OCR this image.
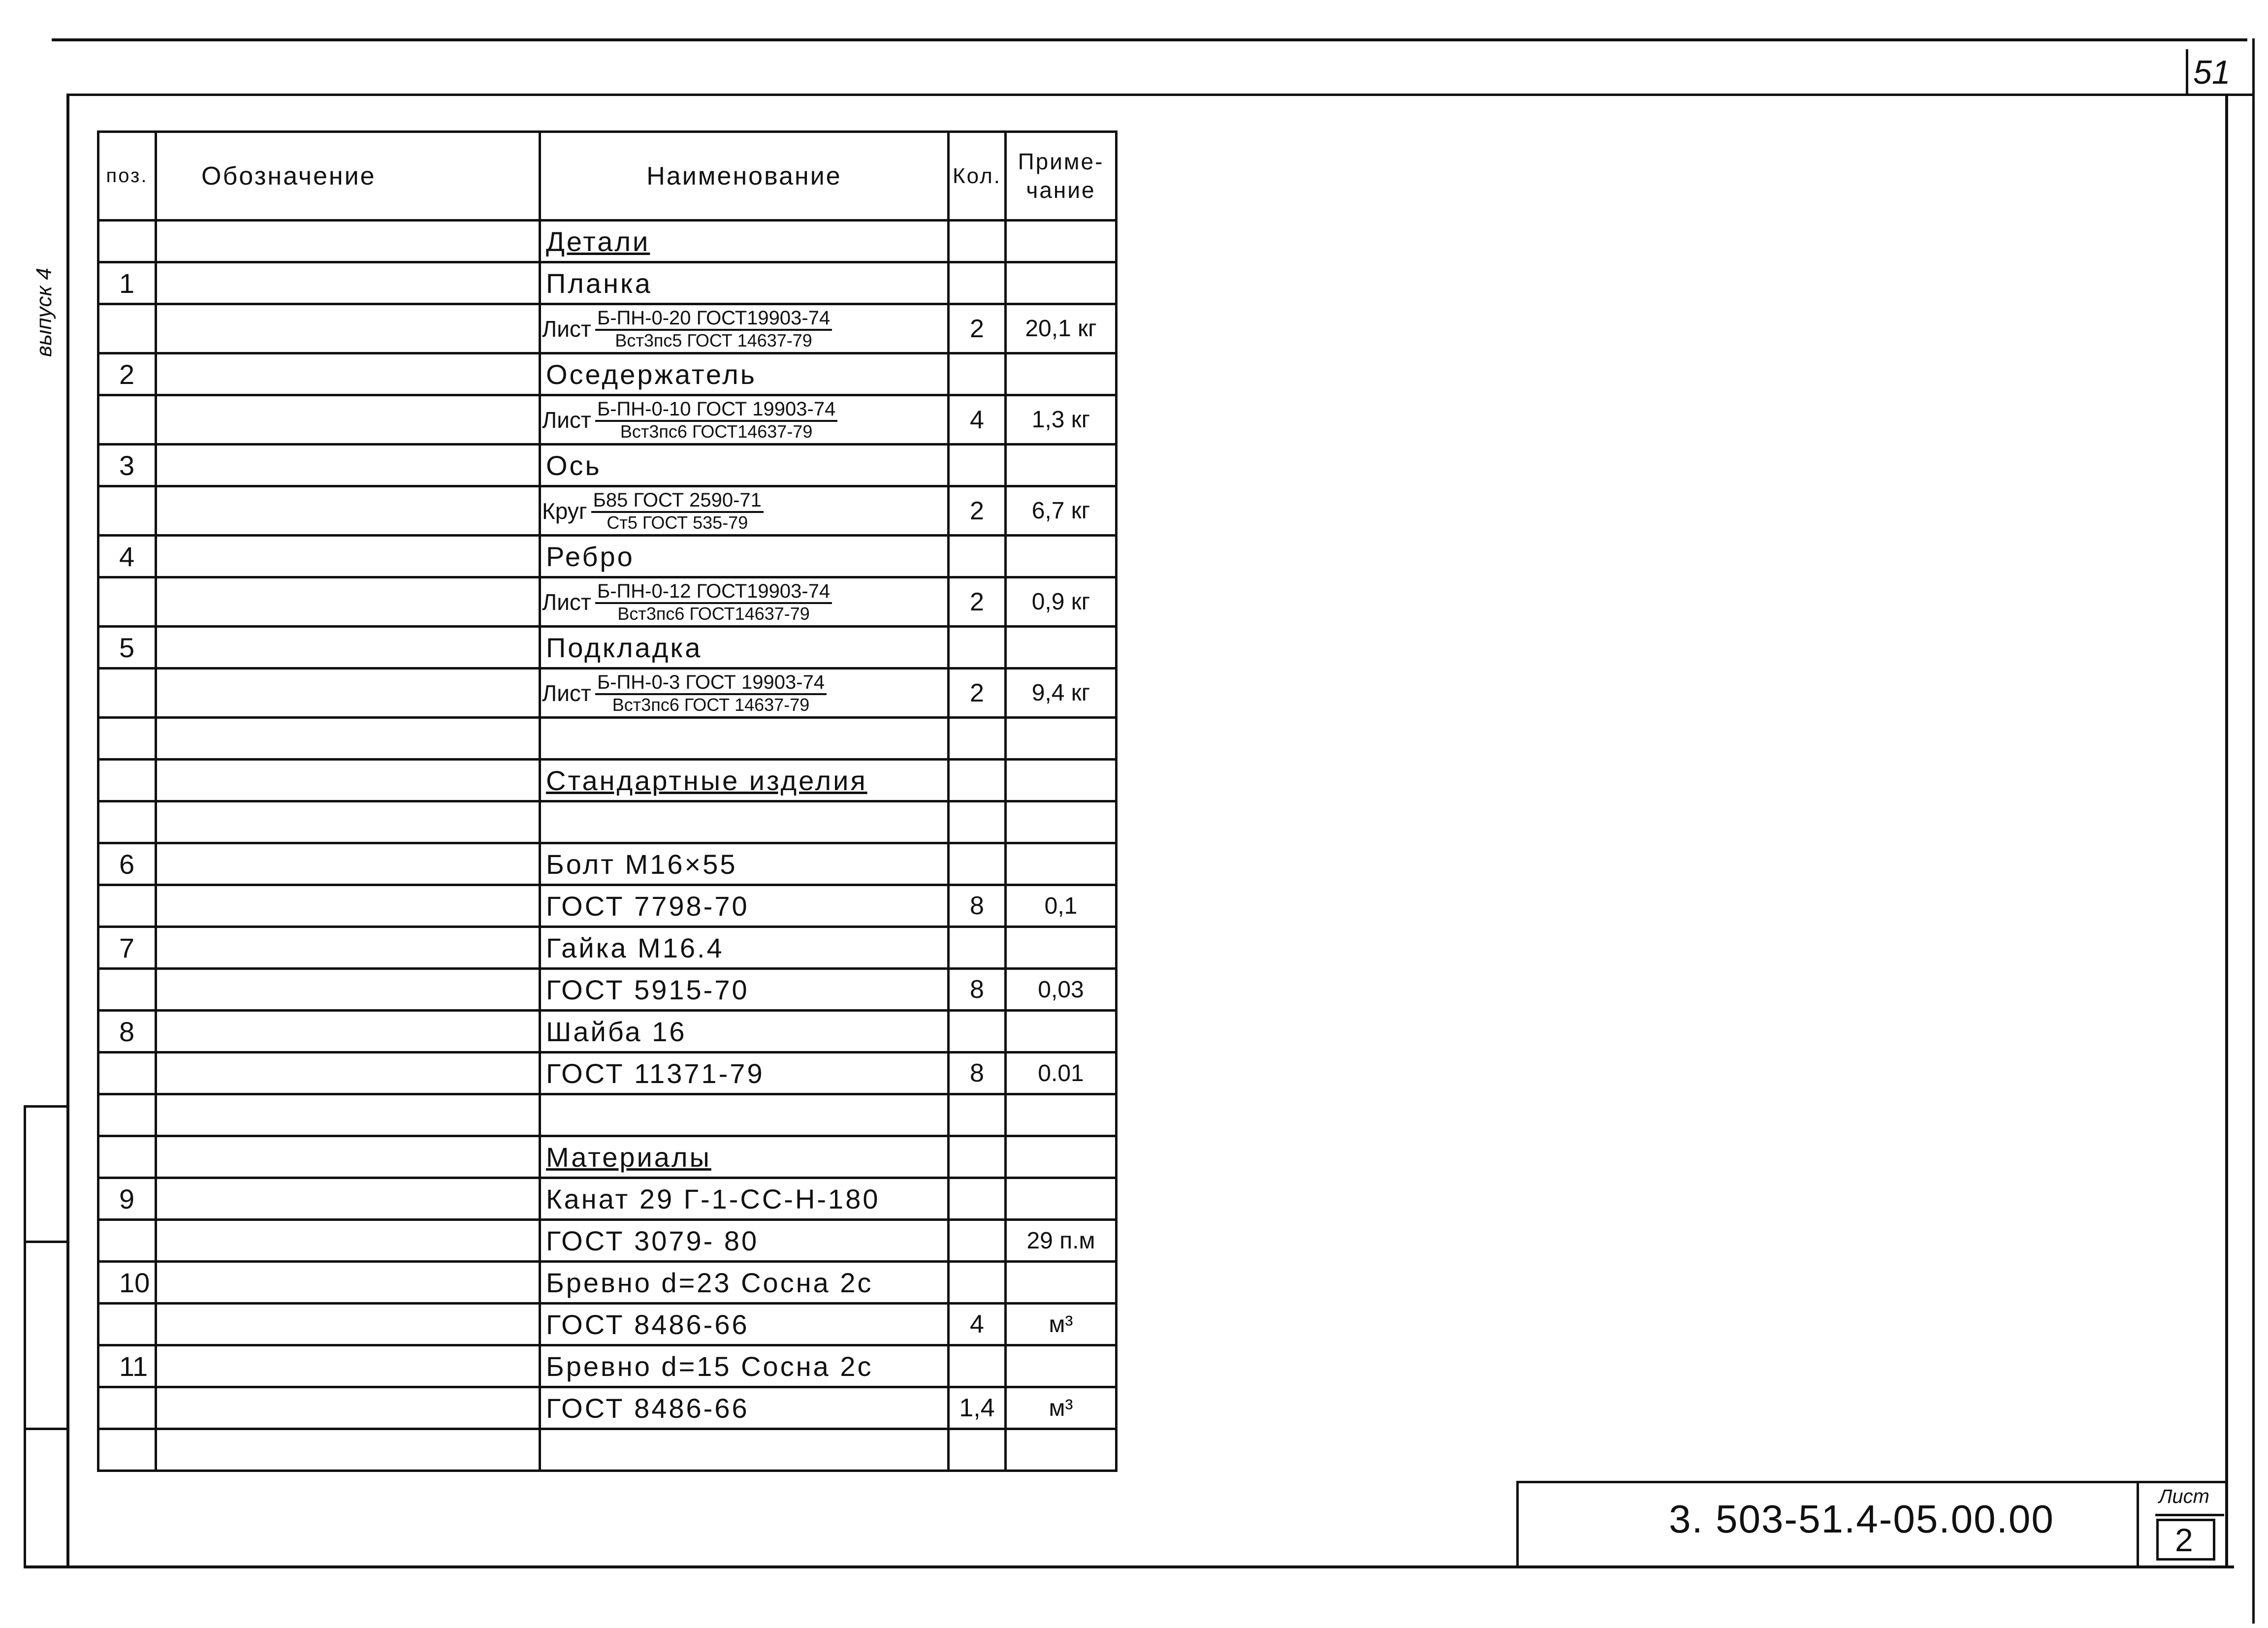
51
выпуск 4
поз.	Обозначение	Наименование	Кол.	Приме-
чание
		Детали		
1		Планка		
		Лист $\frac{\text{Б-ПН-0-20 ГОСТ19903-74}}{\text{Вст3пс5 ГОСТ 14637-79}}$	2	20,1 кг
2		Оседержатель		
		Лист $\frac{\text{Б-ПН-0-10 ГОСТ 19903-74}}{\text{Вст3пс6 ГОСТ14637-79}}$	4	1,3 кг
3		Ось		
		Круг $\frac{\text{Б85 ГОСТ 2590-71}}{\text{Ст5 ГОСТ 535-79}}$	2	6,7 кг
4		Ребро		
		Лист $\frac{\text{Б-ПН-0-12 ГОСТ19903-74}}{\text{Вст3пс6 ГОСТ14637-79}}$	2	0,9 кг
5		Подкладка		
		Лист $\frac{\text{Б-ПН-0-3 ГОСТ 19903-74}}{\text{Вст3пс6 ГОСТ 14637-79}}$	2	9,4 кг

		Стандартные изделия		

6		Болт М16×55		
		ГОСТ 7798-70	8	0,1
7		Гайка М16.4		
		ГОСТ 5915-70	8	0,03
8		Шайба 16		
		ГОСТ 11371-79	8	0.01

		Материалы		
9		Канат 29 Г-1-СС-Н-180		
		ГОСТ 3079- 80		29 п.м
10		Бревно d=23 Сосна 2с		
		ГОСТ 8486-66	4	м³
11		Бревно d=15 Сосна 2с		
		ГОСТ 8486-66	1,4	м³

3. 503-51.4-05.00.00
Лист
2
